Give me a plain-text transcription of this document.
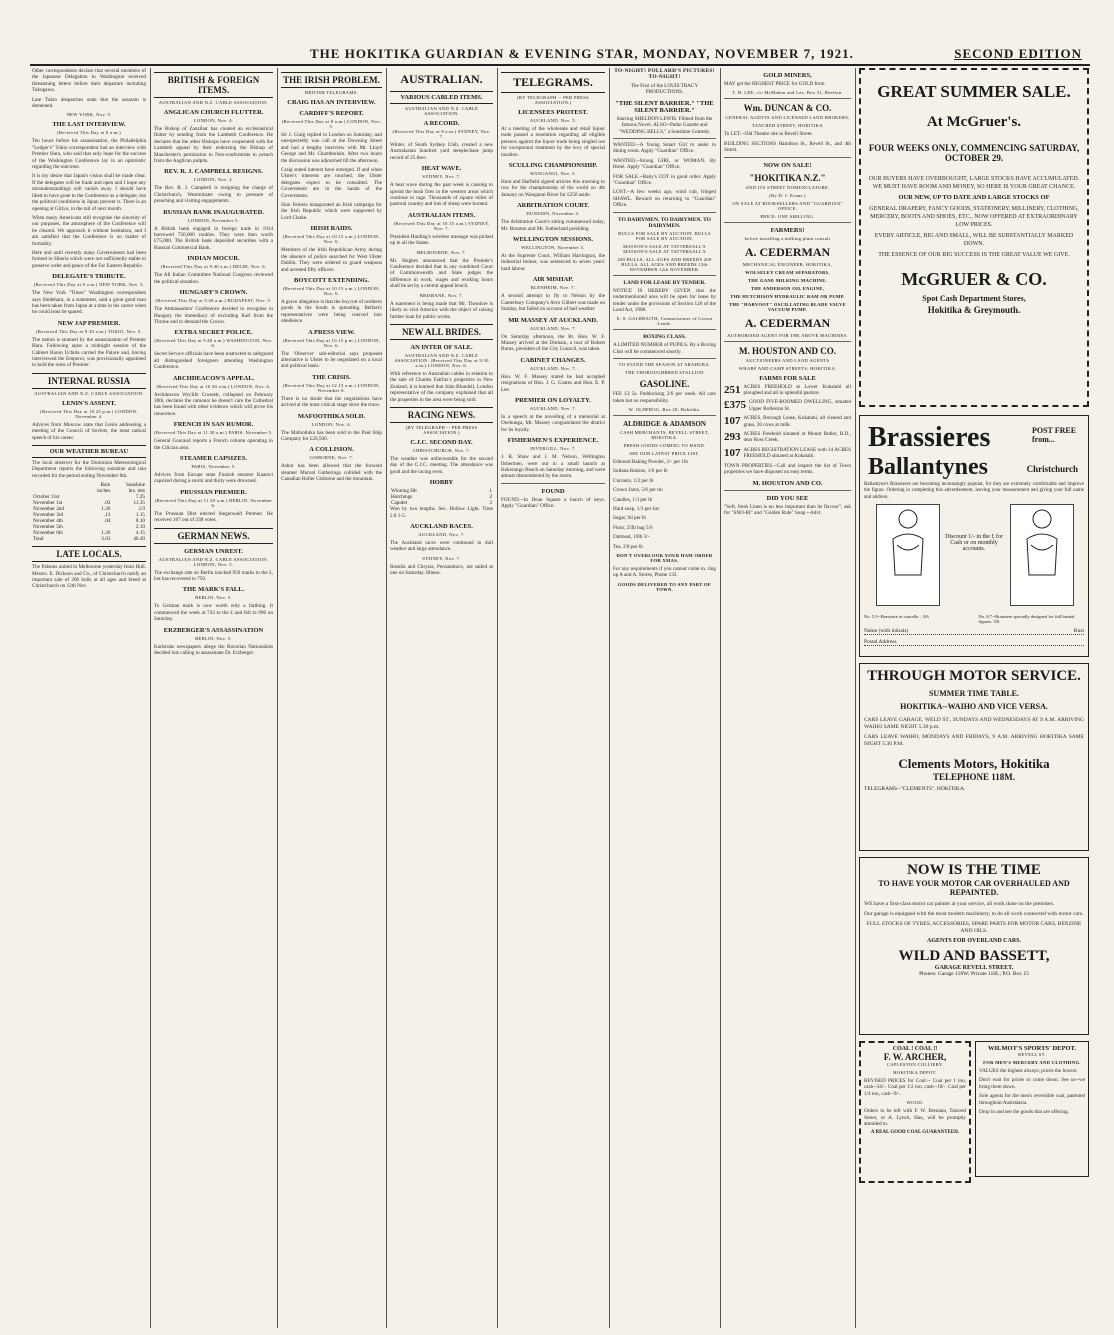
THE HOKITIKA GUARDIAN & EVENING STAR, MONDAY, NOVEMBER 7, 1921.	SECOND EDITION

Other correspondents declare that several members of the Japanese Delegation to Washington received threatening letters before their departure including Tokugawa.

Late Tokio despatches state that the assassin is demented.

NEW YORK, Nov. 5.
THE LAST INTERVIEW.
(Received This Day at 8 a.m.)

Ten hours before his assassination, the Philadelphia "Ledger's" Tokio correspondent had an interview with Premier Hara, who said that only hope for the success of the Washington Conference lay in an optimistic regarding the outcome.

It is my desire that Japan's vision shall be made clear. If the delegates will be frank and open and I hope any misunderstandings will vanish away. I should have liked to have gone to the Conference as a delegate, but the political conditions in Japan prevent it. There is an opening at Gitiyu, in the tail of next month.

When many Americans still recognise the sincerity of our purposes, the atmosphere of the Conference will be cleared. We approach it without hesitation, and I am satisfied that the Conference is no matter of formality.

Here and until recently many Governments had been formed in Siberia which were not sufficiently stable to preserve order and peace of the Far Eastern Republic.

DELEGATE'S TRIBUTE.
(Received This Day at 9 a.m.) NEW YORK, Nov. 5.

The New York "Times" Washington correspondent says Shidehara, in a statement, said a great good man has been taken from Japan at a time in his career when he could least be spared.

NEW JAP PREMIER.
(Received This Day at 9.30 a.m.) TOKIO, Nov. 5.

The nation is stunned by the assassination of Premier Hara. Following upon a midnight session of the Cabinet Baron Uchida carried the Palace and, having interviewed the Emperor, was provisionally appointed to hold the reins of Premier.

INTERNAL RUSSIA
AUSTRALIAN AND N.Z. CABLE ASSOCIATION.
LENIN'S ASSENT.
(Received This Day at 10.25 p.m.) LONDON, November 4.

Advices from Moscow state that Lenin addressing a meeting of the Council of Soviets, the most radical speech of his career.

OUR WEATHER BUREAU

The local observer for the Dominion Meteorological Department reports the following sunshine and rain recorded for the period ending November 6th.

	Rain	Sunshine
	inches	hrs. mts
October 31st		7.25
November 1st	.03	11.35
November 2nd	1.26	2.0
November 3rd	.13	1.15
November 4th	.04	8.10
November 5th		2.10
November 6th	1.26	4.15
Total	3.63	40.20
LATE LOCALS.

The Palsons united in Melbourne yesterday from Hull. Messrs. E. Dickson and Co., of Christchurch notify an important sale of 200 bulls at all ages and breed at Christchurch on 12th Nov.

BRITISH & FOREIGN ITEMS.
AUSTRALIAN AND N.Z. CABLE ASSOCIATION.
ANGLICAN CHURCH FLUTTER.
LONDON, Nov. 4.

The Bishop of Zanzibar has created an ecclesiastical flutter by sending from the Lambeth Conference. He declares that the other Bishops have cooperated with the Lambeth appeal by their endorsing the Bishop of Manchester's permission to Non-conformists to preach from the Anglican pulpits.

REV. R. J. CAMPBELL RESIGNS.
LONDON, Nov. 4.

The Rev. R. J. Campbell is resigning the charge of Christchurch, Westminster owing to pressure of preaching and visiting engagements.

RUSSIAN BANK INAUGURATED.
LONDON, November 5.

A British bank engaged in foreign trade in 1914 borrowed 750,000 roubles. They were then worth £75,000. The British bank deposited securities with a Russian Commercial Bank.

INDIAN MOCUR.
(Received This Day at 9.40 a.m.) DELHI, Nov. 6.

The All Indian Committee National Congress reviewed the political situation.

HUNGARY'S CROWN.
(Received This Day at 9.40 a.m.) BUDAPEST, Nov. 5.

The Ambassadors' Conference decided to recognise in Hungary the immediacy of excluding Karl from the Throne and to demand the Crown.

EXTRA SECRET POLICE.
(Received This Day at 9.40 a.m.) WASHINGTON, Nov. 6.

Secret Service officials have been instructed to safeguard all distinguished foreigners attending Washington Conference.

ARCHDEACON'S APPEAL.
(Received This Day at 10.30 a.m.) LONDON, Nov. 6.

Archdeacon Wyclife Crossett, collapsed on February 30th, declares the rumours he doesn't care the Cathedral has been found with other evidence which will prove his innocence.

FRENCH IN SAN RUMOR.
(Received This Day at 11.30 a.m.) PARIS, November 5.

General Gouraud reports a French column operating in the Cilician area.

STEAMER CAPSIZES.
PARIS, November 5.

Advices from Europe state Finnish steamer Kaatavi capsized during a storm and thirty were drowned.

PRUSSIAN PREMIER.
(Received This Day at 11.30 a.m.) BERLIN, November 6.

The Prussian Diet elected Stegerwald Premier. He received 167 out of 338 votes.

GERMAN NEWS.
GERMAN UNREST.
AUSTRALIAN AND N.Z. CABLE ASSOCIATION. LONDON, Nov. 5.

The exchange rate on Berlin touched 950 marks to the £, but has recovered to 750.

THE MARK'S FALL.
BERLIN, Nov. 5.

To German mark is now worth only a farthing. It commenced the week at 743 to the £ and fell to 990 on Saturday.

ERZBERGER'S ASSASSINATION
BERLIN, Nov. 5.

Karlsruhe newspapers allege the Bavarian Nationalists decided lots calling to assassinate Dr. Erzberger.

THE IRISH PROBLEM.
BRITISH TELEGRAMS.
CRAIG HAS AN INTERVIEW.
CARDIFF'S REPORT.
(Received This Day at 8 a.m.) LONDON, Nov. 5.

Sir J. Craig replied to London on Saturday, and unexpectedly was call at the Downing Street and had a lengthy interview with Mr. Lloyd George and Mr. Chamberlain. After two hours the discussion was adjourned till the afternoon.

Craig stated interest have emerged. If and when Ulster's interests are touched, the Ulster delegates expect to be consulted. The Government are in the hands of the Government.

Sinn Feiners inaugurated an Irish campaign for the Irish Republic which were supported by Lord Clarke.

IRISH RAIDS.
(Received This Day at 10.15 a.m.) LONDON, Nov. 6.

Members of the Irish Republican Army during the absence of police searched for West Ulster Dublin. They were ordered to guard weapons and arrested fifty officers.

BOYCOTT EXTENDING.
(Received This Day at 10.15 a.m.) LONDON, Nov. 6.

A grave allegation is that the boycott of northern goods in the South is spreading. Belfast's representatives were being coerced into obedience.

A PRESS VIEW.
(Received This Day at 10.15 p.m.) LONDON, Nov. 6.

The 'Observer' sub-editorial says proposed alternative is Ulster to be negotiated on a local and political basis.

THE CRISIS.
(Received This Day at 12.15 a.m.) LONDON, November 6.

There is no doubt that the negotiations have arrived at the most critical stage since the truce.

MAFOOTHIKA SOLD.
LONDON, Nov. 6.

The Mafoothika has been sold to the Paul Ship Company for £20,500.

A COLLISION.
GISBORNE, Nov. 7.

Ashur has been allowed that the forward steamer Maroal Gatherings collided with the Canadian Roller Gisborne and the mountain.

AUSTRALIAN.
VARIOUS CABLED ITEMS.
AUSTRALIAN AND N.Z. CABLE ASSOCIATION.
A RECORD.
(Received This Day at 8 a.m.) SYDNEY, Nov. 7.

Winter, of South Sydney Club, created a new Australasian hundred yard steeplechase jump record of 25.8sec.

HEAT WAVE.
SYDNEY, Nov. 7.

A heat wave during the past week is causing to spread the bush fires in the western areas which continue to rage. Thousands of square miles of pastoral country and lots of sheep were burned.

AUSTRALIAN ITEMS.
(Received This Day at 10.15 a.m.) SYDNEY, Nov. 7.

President Harding's wireless message was picked up in all the States.

MELBOURNE, Nov. 7.

Mr. Hughes announced that the Premier's Conference decided that in any combined Court of Commonwealth and State judges the difference in work, wages and working hours shall be set by a central appeal bench.

BRISBANE, Nov. 7.

A statement is being made that Mr. Theodore is likely to visit America with the object of raising further loan for public works.

NEW ALL BRIDES.
AN INTER OF SALE.
AUSTRALIAN AND N.Z. CABLE ASSOCIATION. (Received This Day at 9.30 a.m.) LONDON, Nov. 6.

With reference to Australian cables in relation to the sale of Charles Fairfax's properties in New Zealand, it is learned that John Blundell, London representative of the company explained that all the properties in the area were being sold.

RACING NEWS.
(BY TELEGRAPH -- PER PRESS ASSOCIATION.)
C.J.C. SECOND DAY.
CHRISTCHURCH, Nov. 7.

The weather was unfavourable for the second day of the C.J.C. meeting. The attendance was good and the racing even.

HOBBY
Winning Hit	1
Hutchings	2
Capulet	3

Won by two lengths. Sec. Hollow Light. Time 2.8 1-5.

AUCKLAND RACES.
AUCKLAND, Nov. 7.

The Auckland races were continued in dull weather and large attendance.

SYDNEY, Nov. 7.

Rosella and Chrysia, Pernambuco, are sailed at one on Saturday. Illness.

TELEGRAMS.
(BY TELEGRAPH -- PER PRESS ASSOCIATION.)
LICENSEES PROTEST.
AUCKLAND, Nov. 5.

At a meeting of the wholesale and retail liquor trade passed a resolution regarding all eligible persons against the liquor trade being singled out for exceptional treatment by the levy of special taxation.

SCULLING CHAMPIONSHIP.
WANGANUI, Nov. 5.

Hunt and Hatfield signed articles this morning to row for the championship of the world on 4th January on Wanganui River for £250 aside.

ARBITRATION COURT.
DUNEDIN, November 4.

The Arbitration Court's sitting commenced today, Mr. Brunton and Mr. Sutherland presiding.

WELLINGTON SESSIONS.
WELLINGTON, November 5.

At the Supreme Court, William Harrington, the Industrial broker, was sentenced to seven years' hard labour.

AIR MISHAP.
BLENHEIM, Nov. 7.

A second attempt to fly to Nelson by the Canterbury Company's Avro Gilbert was made on Sunday, but failed on account of bad weather.

MR MASSEY AT AUCKLAND.
AUCKLAND, Nov. 7.

On Saturday afternoon, the Rt. Hon. W. F. Massey arrived at the Domain, a tour of Robert Burns, president of the City Council, was taken.

CABINET CHANGES.
AUCKLAND, Nov. 7.

Hon. W. F. Massey stated he had accepted resignations of Hon. J. G. Coates and Hon. E. P. Lee.

PREMIER ON LOYALTY.
AUCKLAND, Nov. 7.

In a speech at the unveiling of a memorial at Onehunga, Mr. Massey congratulated the district for its loyalty.

FISHERMEN'S EXPERIENCE.
INVERGILL, Nov. 7.

J. R. Shaw and J. M. Nelson, Wellington fishermen, were out in a small launch at Kekerangu Beach on Saturday morning, and were almost dismembered by the storm.

FOUND

FOUND.--In Dean Square a bunch of keys. Apply "Guardian" Office.

TO-NIGHT! POLLARD'S PICTURES! TO-NIGHT!

The First of the LOUIS TRACY PRODUCTIONS.

"THE SILENT BARRIER." "THE SILENT BARRIER."

Starring SHELDON LEWIS. Filmed from the famous Novel. ALSO--Pathe Gazette and "WEDDING BELLS," a Sunshine Comedy.

WANTED.--A Young Smart Girl to assist in dining room. Apply "Guardian" Office.

WANTED.--Strong GIRL or WOMAN. By Hotel. Apply "Guardian" Office.

FOR SALE.--Baby's COT in good order. Apply "Guardian" Office.

LOST.--A few weeks ago, wind cub, fringed SHAWL. Reward on returning to "Guardian" Office.

TO DAIRYMEN. TO DAIRYMEN. TO DAIRYMEN.
BULLS FOR SALE BY AUCTION. BULLS FOR SALE BY AUCTION.
MATSON'S SALE AT TATTERSALL'S MATSON'S SALE AT TATTERSALL'S
200 BULLS, ALL AGES AND BREEDS 200 BULLS, ALL AGES AND BREEDS 12th NOVEMBER 12th NOVEMBER.
LAND FOR LEASE BY TENDER.

NOTICE IS HEREBY GIVEN that the undermentioned area will be open for lease by tender under the provisions of Section 120 of the Land Act, 1908.

E. S. GALBRAITH, Commissioner of Crown Lands.
BOXING CLASS.

A LIMITED NUMBER of PUPILS. By a Boxing Club will be commenced shortly.

TO STAND THE SEASON AT ARAHURA.
THE THOROUGHBRED STALLION
GASOLINE.

FEE £3 5s. Paddocking 2/6 per week. All care taken but no responsibility.

W. OLDFROG, Box 28, Hokitika.
ALDRIDGE & ADAMSON
CASH MERCHANTS, REVELL STREET, HOKITIKA.
FRESH GOODS COMING TO HAND.
SEE OUR LATEST PRICE LIST.

Edmond Baking Powder, 2/- per 1lb

Sultana Raisins, 1/6 per lb

Currants, 1/2 per lb

Crown Jams, 5/6 per tin

Candles, 1/3 per lb

Hard soap, 1/3 per bar

Sugar, 9d per lb

Flour, 25lb bag 5/6

Oatmeal, 10lb 3/-

Tea, 2/8 per lb

DON'T OVERLOOK YOUR HAM ORDER FOR XMAS.

For any requirements if you cannot come in, ring up A and A. Stores, Phone 132.

GOODS DELIVERED TO ANY PART OF TOWN.
GOLD MINERS,

MAY get the HIGHEST PRICE for GOLD from

T. H. LEE, c/o McMahon and Lee, Box 31, Reefton.
Wm. DUNCAN & CO.
GENERAL AGENTS AND LICENSED LAND BROKERS,
TANCRED STREET, HOKITIKA

To LET.--Old Theatre site in Revell Street.

BUILDING SECTIONS Hamiltoo St., Revell St., and 4th Street.

NOW ON SALE!
"HOKITIKA N.Z."
AND ITS STREET NOMENCLATURE.
(By D. J. Evans.)
ON SALE AT BOOKSELLERS AND "GUARDIAN" OFFICE.
PRICE: ONE SHILLING.
FARMERS!
before installing a milking plant consult
A. CEDERMAN
MECHANICAL ENGINEER, HOKITIKA,
WOLSELEY CREAM SEPARATORS,
THE GANE MILKING MACHINE.
THE ANDERSON OIL ENGINE,
THE HUTCHISON HYDRAULIC RAM OR PUMP.
THE "HARVOOT" OSCILLATING BLADE VALVE VACUUM PUMP.
A. CEDERMAN
AUTHORISED AGENT FOR THE ABOVE MACHINES.
M. HOUSTON AND CO.
AUCTIONEERS AND LAND AGENTS
WHARF AND CAMP STREETS, HOKITIKA.
FARMS FOR SALE
251 ACRES FREEHOLD at Lower Kokatahi all ploughed and all in splendid pasture.

£375 GOOD FIVE-ROOMED DWELLING, situated Upper Rolleston St.

107 ACRES, Borough Lease, Kokatahi, all cleared and grass, 20 cows at milk.

293 ACRES Freehold situated at Mount Butler, R.D., near Ross Creek.

107 ACRES REGISTRATION LEASE with 14 ACRES FREEHOLD situated at Kokatahi.

TOWN PROPERTIES.--Call and inspect the list of Town properties we have disposed on easy terms.

M. HOUSTON AND CO.
DID YOU SEE

"Soft, fresh Linen is no less important than its flavour"; ask for "SNO-RI" and "Golden Rule" Soap.--Advt.

GREAT SUMMER SALE.
At McGruer's.
FOUR WEEKS ONLY, COMMENCING SATURDAY, OCTOBER 29.

OUR BUYERS HAVE OVERBOUGHT, LARGE STOCKS HAVE ACCUMULATED. WE MUST HAVE ROOM AND MONEY, SO HERE IS YOUR GREAT CHANCE.

OUR NEW, UP TO DATE AND LARGE STOCKS OF

GENERAL DRAPERY, FANCY GOODS, STATIONERY, MILLINERY, CLOTHING, MERCERY, BOOTS AND SHOES, ETC., NOW OFFERED AT EXTRAORDINARY LOW PRICES.

EVERY ARTICLE, BIG AND SMALL, WILL BE SUBSTANTIALLY MARKED DOWN.

THE ESSENCE OF OUR BIG SUCCESS IS THE GREAT VALUE WE GIVE.

McGRUER & CO.
Spot Cash Department Stores,
Hokitika & Greymouth.
Brassieres	POST FREE from...
Ballantynes	Christchurch

Ballantyne's Brassieres are becoming increasingly popular, for they are extremely comfortable and improve the figure. Ordering in completing this advertisement, leaving your measurement and giving your full name and address.

Discount 1/- in the £ for Cash or on monthly accounts.
No. 5.5--Brassiere in coutelle... 3/6	No. 8.7--Brassiere specially designed for full busted figures. 5/6
Name (with initials)	Bust
Postal Address
THROUGH MOTOR SERVICE.
SUMMER TIME TABLE.
HOKITIKA--WAIHO AND VICE VERSA.

CARS LEAVE GARAGE, WELD ST., SUNDAYS AND WEDNESDAYS AT 9 A.M. ARRIVING WAIHO SAME NIGHT 5.30 p.m.

CARS LEAVE WAIHO, MONDAYS AND FRIDAYS, 9 A.M. ARRIVING HOKITIKA SAME NIGHT 5.30 P.M.

Clements Motors, Hokitika
TELEPHONE 118M.
TELEGRAMS--"CLEMENTS", HOKITIKA.
NOW IS THE TIME
TO HAVE YOUR MOTOR CAR OVERHAULED AND REPAINTED.

WE have a first-class motor car painter at your service, all work done on the premises.

Our garage is equipped with the most modern machinery, to do all work connected with motor cars.

FULL STOCKS OF TYRES, ACCESSORIES, SPARE PARTS FOR MOTOR CARS, BENZINE AND OILS.

AGENTS FOR OVERLAND CARS.
WILD AND BASSETT,
GARAGE REVELL STREET.
Phones: Garage 118W; Private 118L; P.O. Box 15
COAL ! COAL !!
F. W. ARCHER,
CAPLESTON COLLIERY.
HOKITIKA DEPOT.

REVISED PRICES for Coal:-- Coal per 1 ton, cash--34/-. Coal per 1/2 ton, cash--18/-. Coal per 1/4 ton, cash--9/-.

WOOD.

Orders to be left with F. W. Brennan, Tancred Street, or A. Lynch, Hau, will be promptly attended to.

A REAL GOOD COAL GUARANTEED.
WILMOT'S SPORTS' DEPOT.
REVELL ST.
FOR MEN'S MERCERY AND CLOTHING.

VALUES the highest always; prices the lowest.

Don't wait for prices to come down. See us--we bring them down.

Sole agents for the men's reversible coat, patented throughout Australasia.

Drop in and see the goods that are offering.
